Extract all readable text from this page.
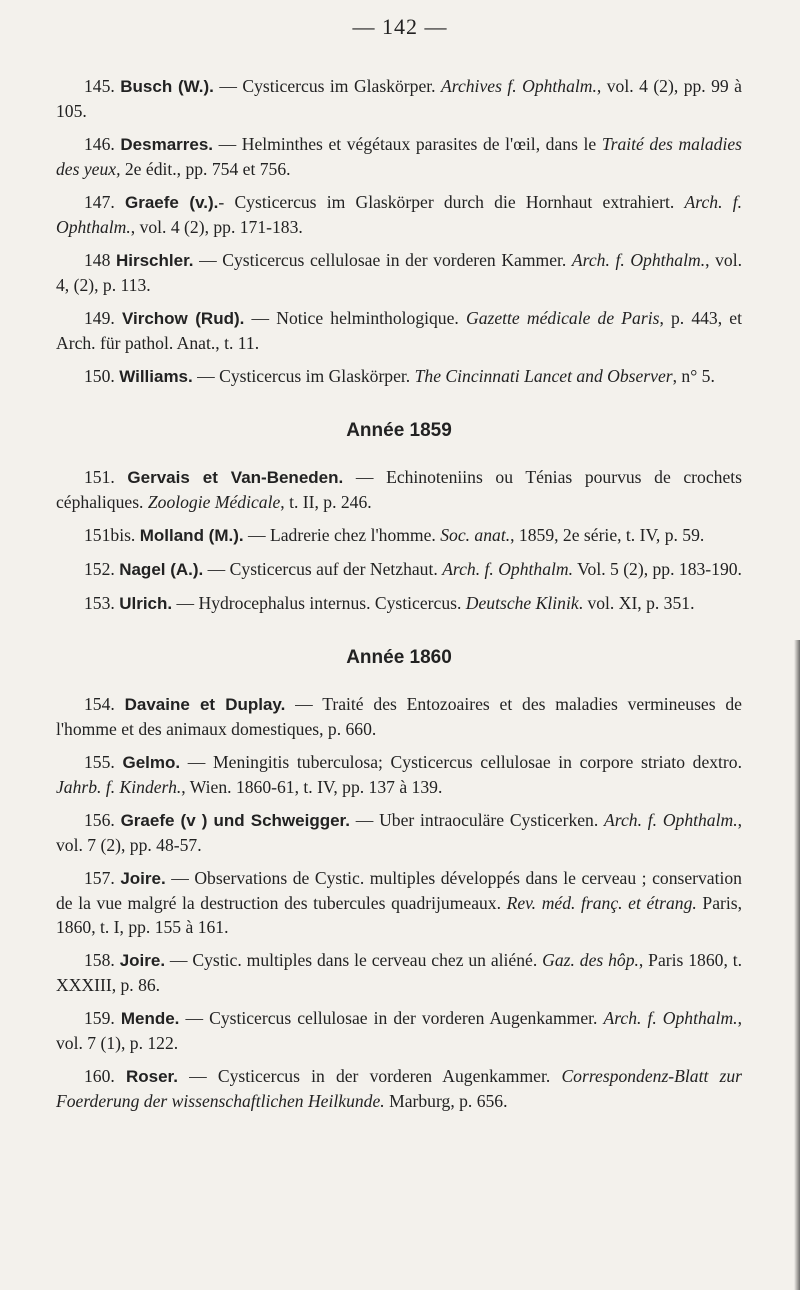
— 142 —

145. Busch (W.). — Cysticercus im Glaskörper. Archives f. Ophthalm., vol. 4 (2), pp. 99 à 105.

146. Desmarres. — Helminthes et végétaux parasites de l'œil, dans le Traité des maladies des yeux, 2e édit., pp. 754 et 756.

147. Graefe (v.).- Cysticercus im Glaskörper durch die Hornhaut extrahiert. Arch. f. Ophthalm., vol. 4 (2), pp. 171-183.

148 Hirschler. — Cysticercus cellulosae in der vorderen Kammer. Arch. f. Ophthalm., vol. 4, (2), p. 113.

149. Virchow (Rud). — Notice helminthologique. Gazette médicale de Paris, p. 443, et Arch. für pathol. Anat., t. 11.

150. Williams. — Cysticercus im Glaskörper. The Cincinnati Lancet and Observer, n° 5.

Année 1859

151. Gervais et Van-Beneden. — Echinoteniins ou Ténias pourvus de crochets céphaliques. Zoologie Médicale, t. II, p. 246.

151bis. Molland (M.). — Ladrerie chez l'homme. Soc. anat., 1859, 2e série, t. IV, p. 59.

152. Nagel (A.). — Cysticercus auf der Netzhaut. Arch. f. Ophthalm. Vol. 5 (2), pp. 183-190.

153. Ulrich. — Hydrocephalus internus. Cysticercus. Deutsche Klinik. vol. XI, p. 351.

Année 1860

154. Davaine et Duplay. — Traité des Entozoaires et des maladies vermineuses de l'homme et des animaux domestiques, p. 660.

155. Gelmo. — Meningitis tuberculosa; Cysticercus cellulosae in corpore striato dextro. Jahrb. f. Kinderh., Wien. 1860-61, t. IV, pp. 137 à 139.

156. Graefe (v ) und Schweigger. — Uber intraoculäre Cysticerken. Arch. f. Ophthalm., vol. 7 (2), pp. 48-57.

157. Joire. — Observations de Cystic. multiples développés dans le cerveau ; conservation de la vue malgré la destruction des tubercules quadrijumeaux. Rev. méd. franç. et étrang. Paris, 1860, t. I, pp. 155 à 161.

158. Joire. — Cystic. multiples dans le cerveau chez un aliéné. Gaz. des hôp., Paris 1860, t. XXXIII, p. 86.

159. Mende. — Cysticercus cellulosae in der vorderen Augenkammer. Arch. f. Ophthalm., vol. 7 (1), p. 122.

160. Roser. — Cysticercus in der vorderen Augenkammer. Correspondenz-Blatt zur Foerderung der wissenschaftlichen Heilkunde. Marburg, p. 656.
